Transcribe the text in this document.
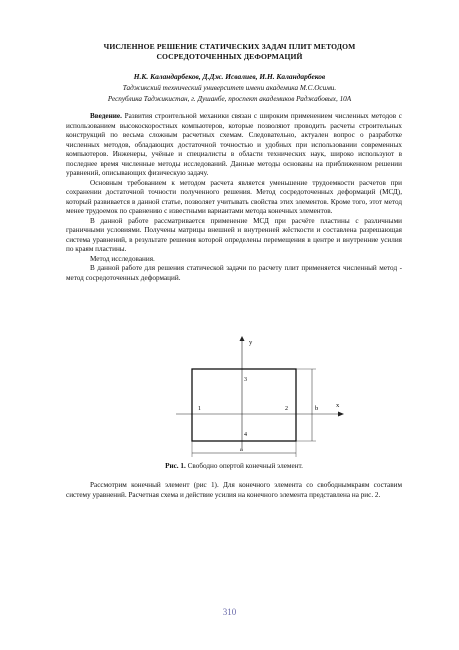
ЧИСЛЕННОЕ РЕШЕНИЕ СТАТИЧЕСКИХ ЗАДАЧ ПЛИТ МЕТОДОМ
СОСРЕДОТОЧЕННЫХ ДЕФОРМАЦИЙ
Н.К. Каландарбеков, Д.Дж. Исвалиев, И.Н. Каландарбеков
Таджикский технический университет имени академика М.С.Осими.
Республика Таджикистан, г. Душанбе, проспект академиков Раджабовых, 10А

Введение. Развития строительной механики связан с широким применением численных методов с использованием высокоскоростных компьютеров, которые позволяют проводить расчеты строительных конструкций по весьма сложным расчетных схемам. Следовательно, актуален вопрос о разработке численных методов, обладающих достаточной точностью и удобных при использовании современных компьютеров. Инженеры, учёные и специалисты в области технических наук, широко используют в последнее время численные методы исследований. Данные методы основаны на приближенном решении уравнений, описывающих физическую задачу.

Основным требованием к методом расчета является уменьшение трудоемкости расчетов при сохранении достаточной точности полученного решения. Метод сосредоточенных деформаций (МСД), который развивается в данной статье, позволяет учитывать свойства этих элементов. Кроме того, этот метод менее трудоемок по сравнению с известными вариантами метода конечных элементов.

В данной работе рассматривается применение МСД при расчёте пластины с различными граничными условиями. Получены матрицы внешней и внутренней жёсткости и составлена разрешающая система уравнений, в результате решения которой определены перемещения в центре и внутренние усилия по краям пластины.

Метод исследования.

В данной работе для решения статической задачи по расчету плит применяется численный метод - метод сосредоточенных деформаций.

y
x
3
1	2
4
b
a
Рис. 1. Свободно опертой конечный элемент.

Рассмотрим конечный элемент (рис 1). Для конечного элемента со свободнымкраям составим систему уравнений. Расчетная схема и действие усилия на конечного элемента представлена на рис. 2.

310
